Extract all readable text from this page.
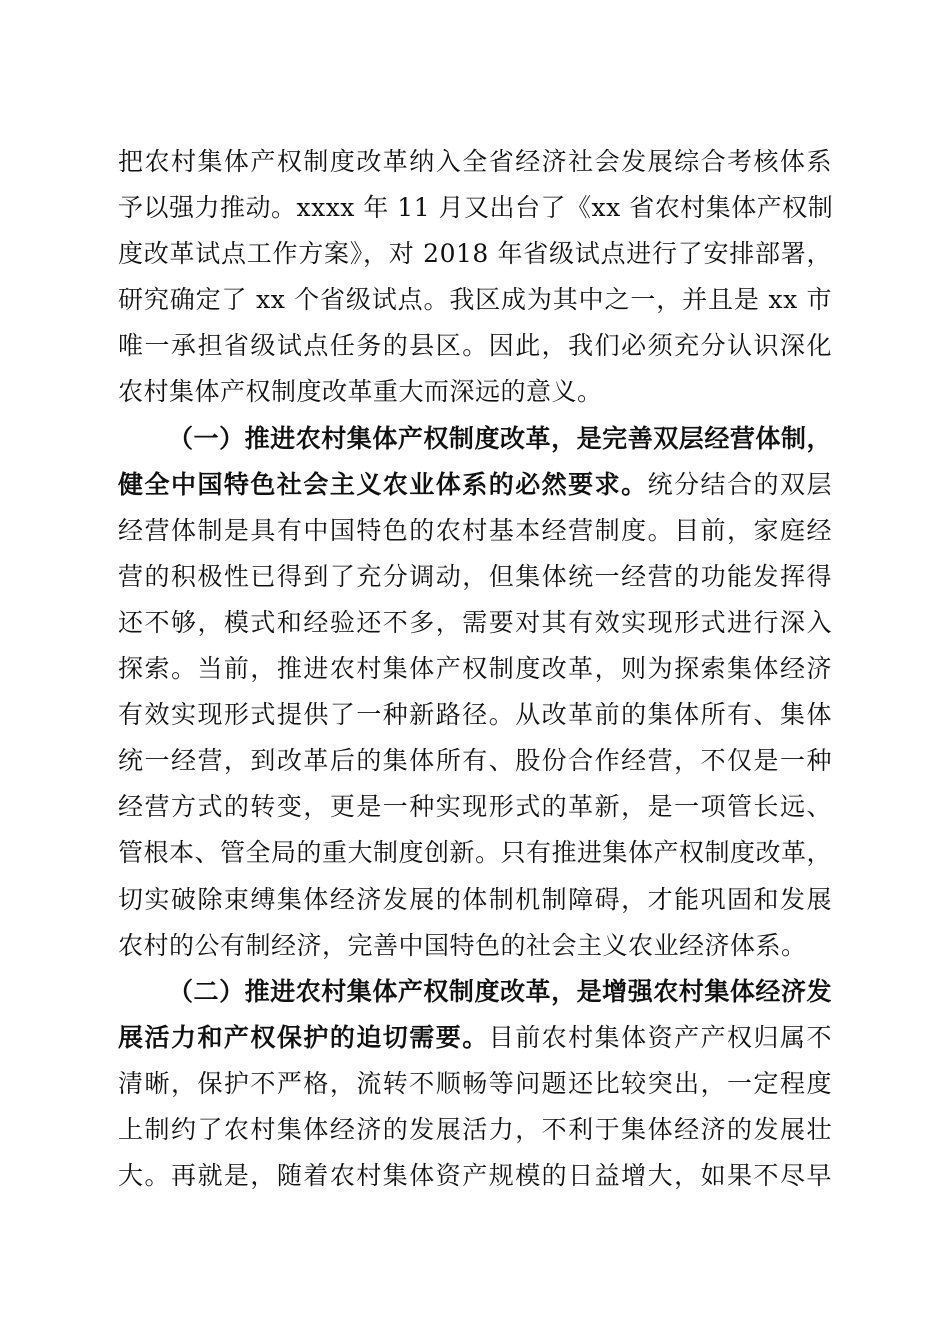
把农村集体产权制度改革纳入全省经济社会发展综合考核体系
予以强力推动。xxxx 年 11 月又出台了《xx 省农村集体产权制
度改革试点工作方案》，对 2018 年省级试点进行了安排部署，
研究确定了 xx 个省级试点。我区成为其中之一，并且是 xx 市
唯一承担省级试点任务的县区。因此，我们必须充分认识深化
农村集体产权制度改革重大而深远的意义。
（一）推进农村集体产权制度改革，是完善双层经营体制，
健全中国特色社会主义农业体系的必然要求。统分结合的双层
经营体制是具有中国特色的农村基本经营制度。目前，家庭经
营的积极性已得到了充分调动，但集体统一经营的功能发挥得
还不够，模式和经验还不多，需要对其有效实现形式进行深入
探索。当前，推进农村集体产权制度改革，则为探索集体经济
有效实现形式提供了一种新路径。从改革前的集体所有、集体
统一经营，到改革后的集体所有、股份合作经营，不仅是一种
经营方式的转变，更是一种实现形式的革新，是一项管长远、
管根本、管全局的重大制度创新。只有推进集体产权制度改革，
切实破除束缚集体经济发展的体制机制障碍，才能巩固和发展
农村的公有制经济，完善中国特色的社会主义农业经济体系。
（二）推进农村集体产权制度改革，是增强农村集体经济发
展活力和产权保护的迫切需要。目前农村集体资产产权归属不
清晰，保护不严格，流转不顺畅等问题还比较突出，一定程度
上制约了农村集体经济的发展活力，不利于集体经济的发展壮
大。再就是，随着农村集体资产规模的日益增大，如果不尽早
